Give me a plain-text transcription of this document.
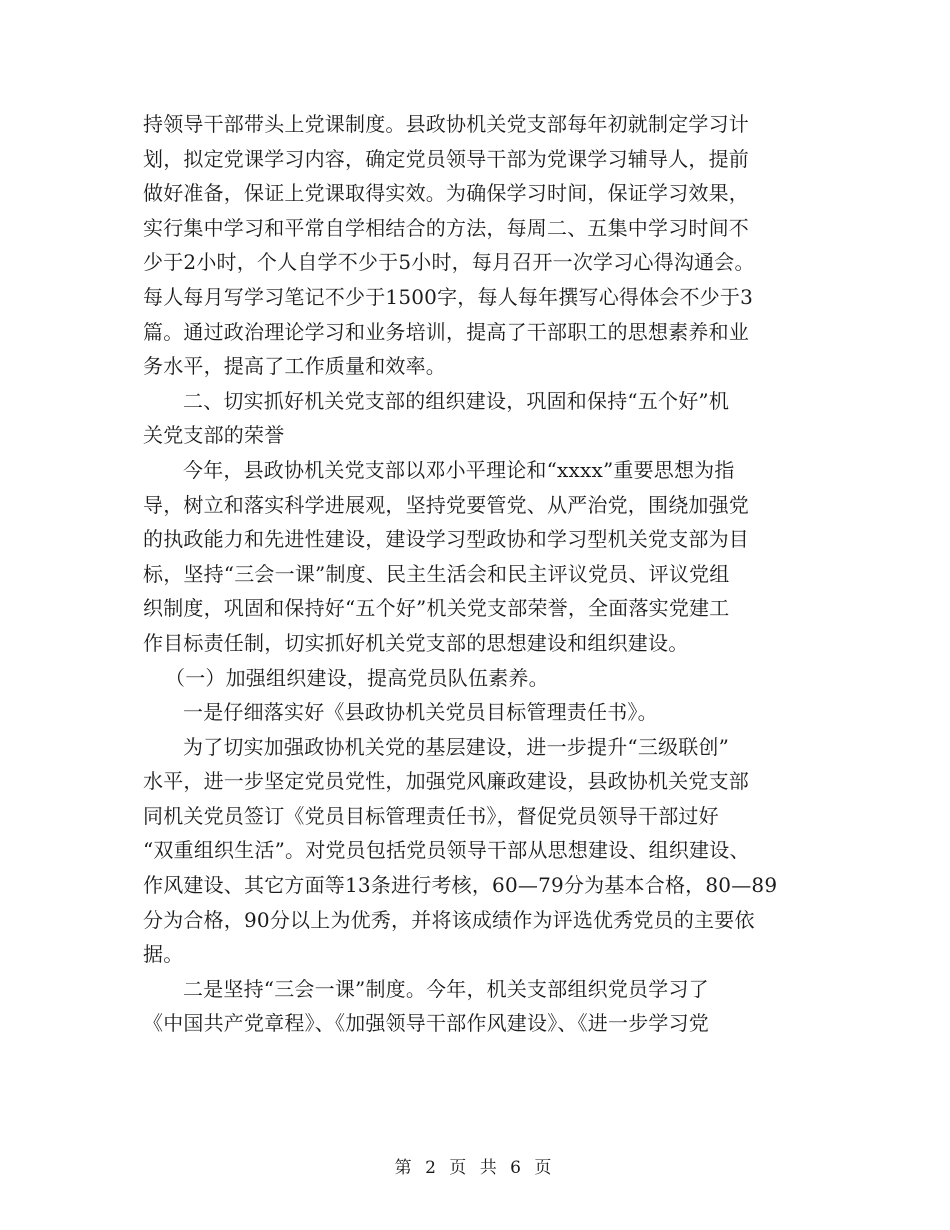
持领导干部带头上党课制度。县政协机关党支部每年初就制定学习计
划，拟定党课学习内容，确定党员领导干部为党课学习辅导人，提前
做好准备，保证上党课取得实效。为确保学习时间，保证学习效果，
实行集中学习和平常自学相结合的方法，每周二、五集中学习时间不
少于2小时，个人自学不少于5小时，每月召开一次学习心得沟通会。
每人每月写学习笔记不少于1500字，每人每年撰写心得体会不少于3
篇。通过政治理论学习和业务培训，提高了干部职工的思想素养和业
务水平，提高了工作质量和效率。
二、切实抓好机关党支部的组织建设，巩固和保持“五个好”机
关党支部的荣誉
今年，县政协机关党支部以邓小平理论和“xxxx”重要思想为指
导，树立和落实科学进展观，坚持党要管党、从严治党，围绕加强党
的执政能力和先进性建设，建设学习型政协和学习型机关党支部为目
标，坚持“三会一课”制度、民主生活会和民主评议党员、评议党组
织制度，巩固和保持好“五个好”机关党支部荣誉，全面落实党建工
作目标责任制，切实抓好机关党支部的思想建设和组织建设。
（一）加强组织建设，提高党员队伍素养。
一是仔细落实好《县政协机关党员目标管理责任书》。
为了切实加强政协机关党的基层建设，进一步提升“三级联创”
水平，进一步坚定党员党性，加强党风廉政建设，县政协机关党支部
同机关党员签订《党员目标管理责任书》，督促党员领导干部过好
“双重组织生活”。对党员包括党员领导干部从思想建设、组织建设、
作风建设、其它方面等13条进行考核，60—79分为基本合格，80—89
分为合格，90分以上为优秀，并将该成绩作为评选优秀党员的主要依
据。
二是坚持“三会一课”制度。今年，机关支部组织党员学习了
《中国共产党章程》、《加强领导干部作风建设》、《进一步学习党
第 2 页 共 6 页
